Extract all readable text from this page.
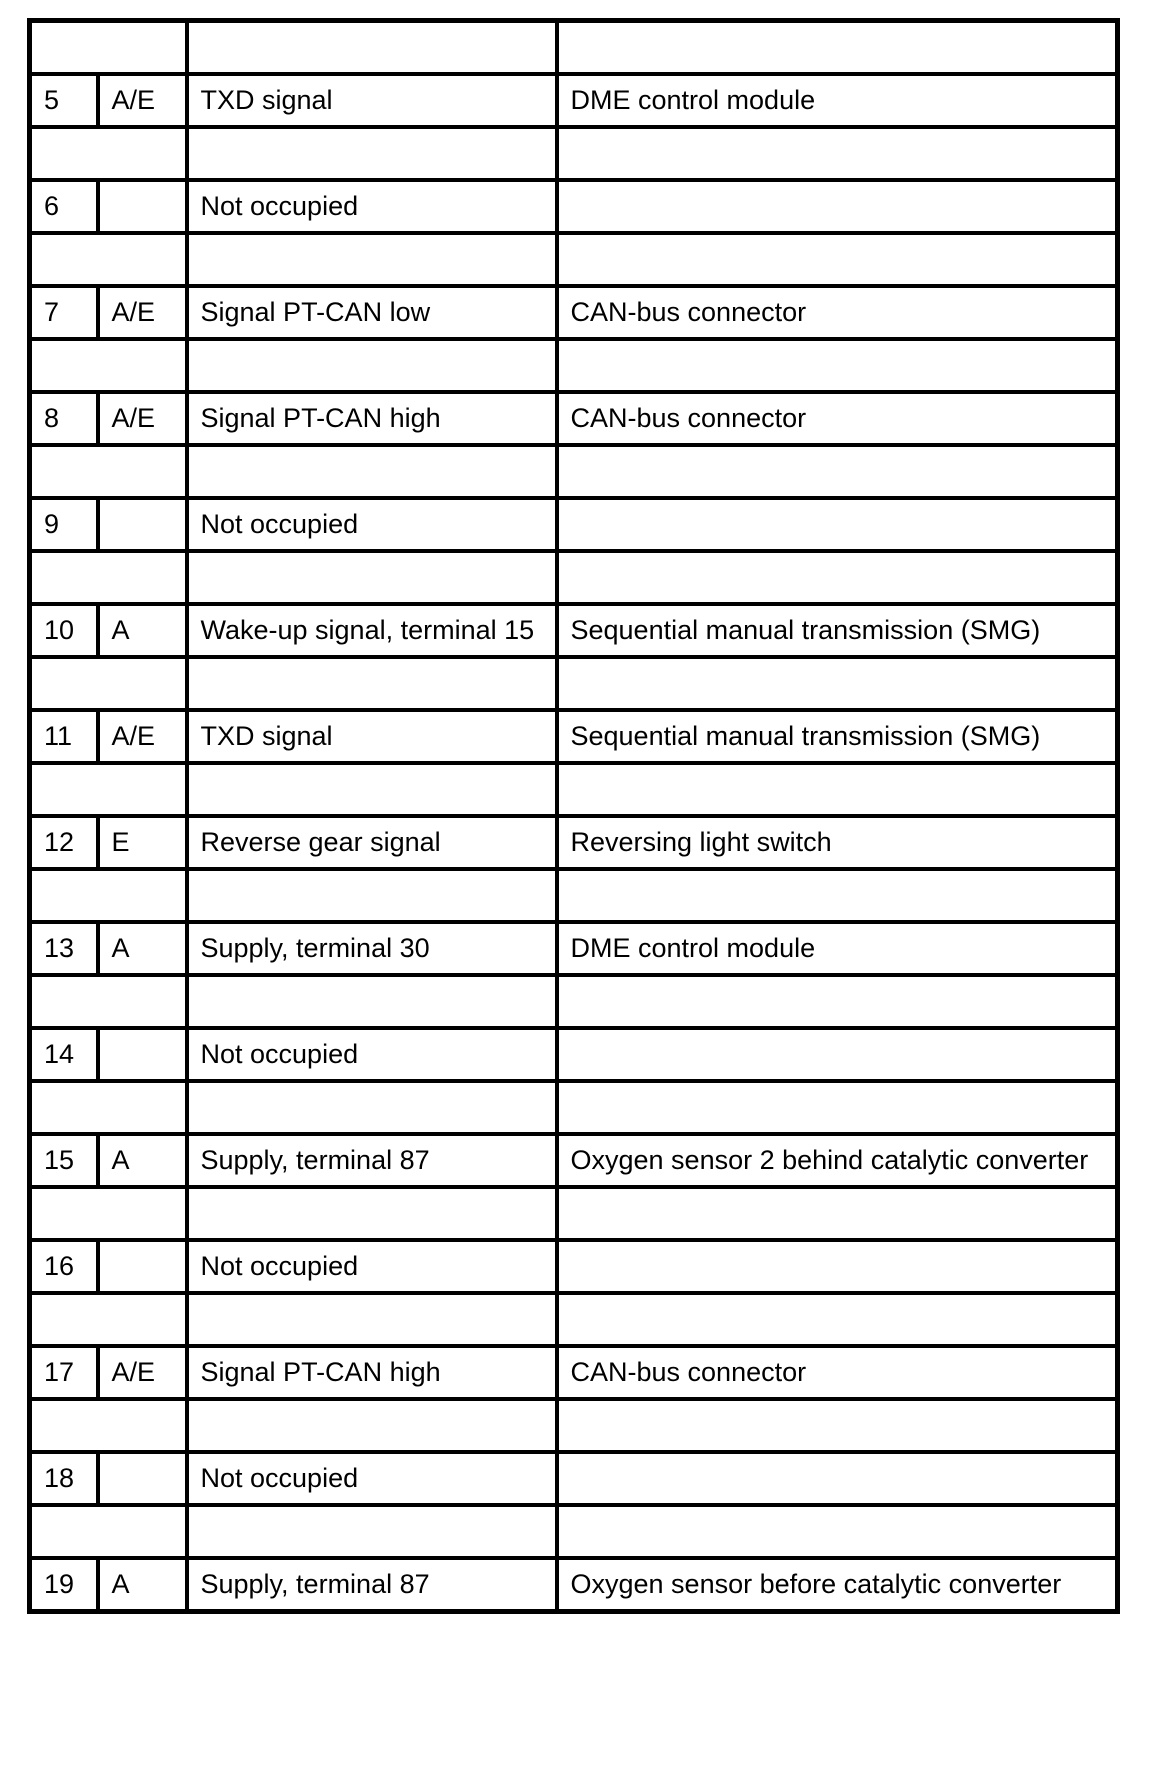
5	A/E	TXD signal	DME control module

6		Not occupied	

7	A/E	Signal PT-CAN low	CAN-bus connector

8	A/E	Signal PT-CAN high	CAN-bus connector

9		Not occupied	

10	A	Wake-up signal, terminal 15	Sequential manual transmission (SMG)

11	A/E	TXD signal	Sequential manual transmission (SMG)

12	E	Reverse gear signal	Reversing light switch

13	A	Supply, terminal 30	DME control module

14		Not occupied	

15	A	Supply, terminal 87	Oxygen sensor 2 behind catalytic converter

16		Not occupied	

17	A/E	Signal PT-CAN high	CAN-bus connector

18		Not occupied	

19	A	Supply, terminal 87	Oxygen sensor before catalytic converter
